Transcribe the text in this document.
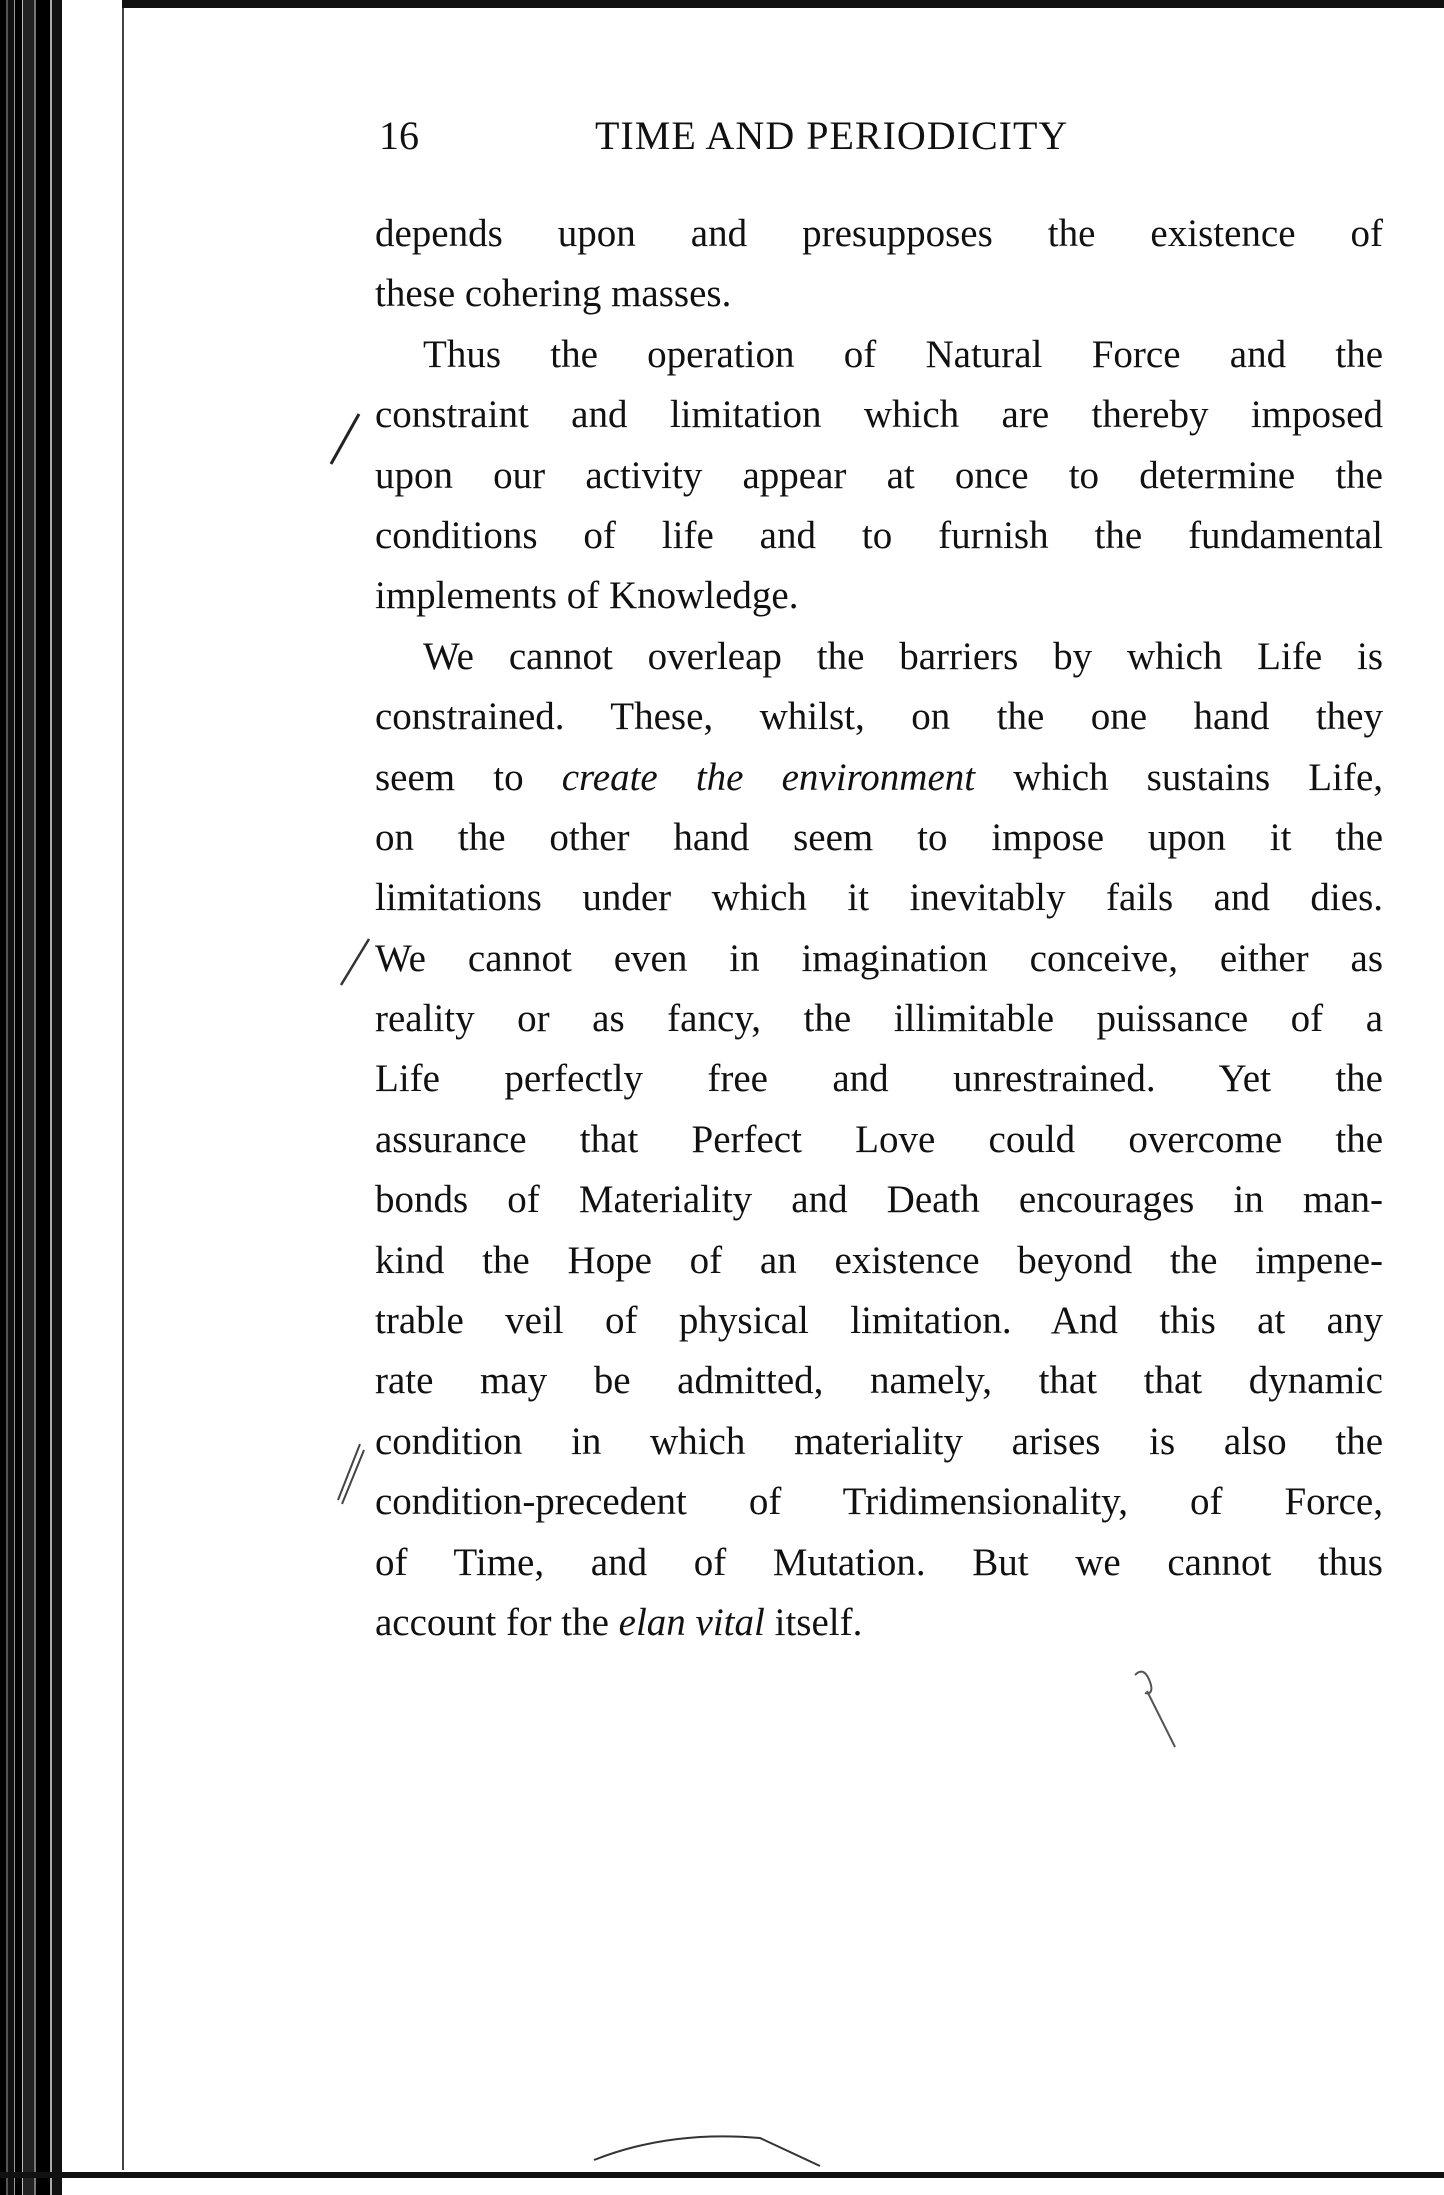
16	TIME AND PERIODICITY
depends upon and presupposes the existence of
these cohering masses.
Thus the operation of Natural Force and the
constraint and limitation which are thereby imposed
upon our activity appear at once to determine the
conditions of life and to furnish the fundamental
implements of Knowledge.
We cannot overleap the barriers by which Life is
constrained. These, whilst, on the one hand they
seem to create the environment which sustains Life,
on the other hand seem to impose upon it the
limitations under which it inevitably fails and dies.
We cannot even in imagination conceive, either as
reality or as fancy, the illimitable puissance of a
Life perfectly free and unrestrained. Yet the
assurance that Perfect Love could overcome the
bonds of Materiality and Death encourages in man-
kind the Hope of an existence beyond the impene-
trable veil of physical limitation. And this at any
rate may be admitted, namely, that that dynamic
condition in which materiality arises is also the
condition-precedent of Tridimensionality, of Force,
of Time, and of Mutation. But we cannot thus
account for the elan vital itself.
